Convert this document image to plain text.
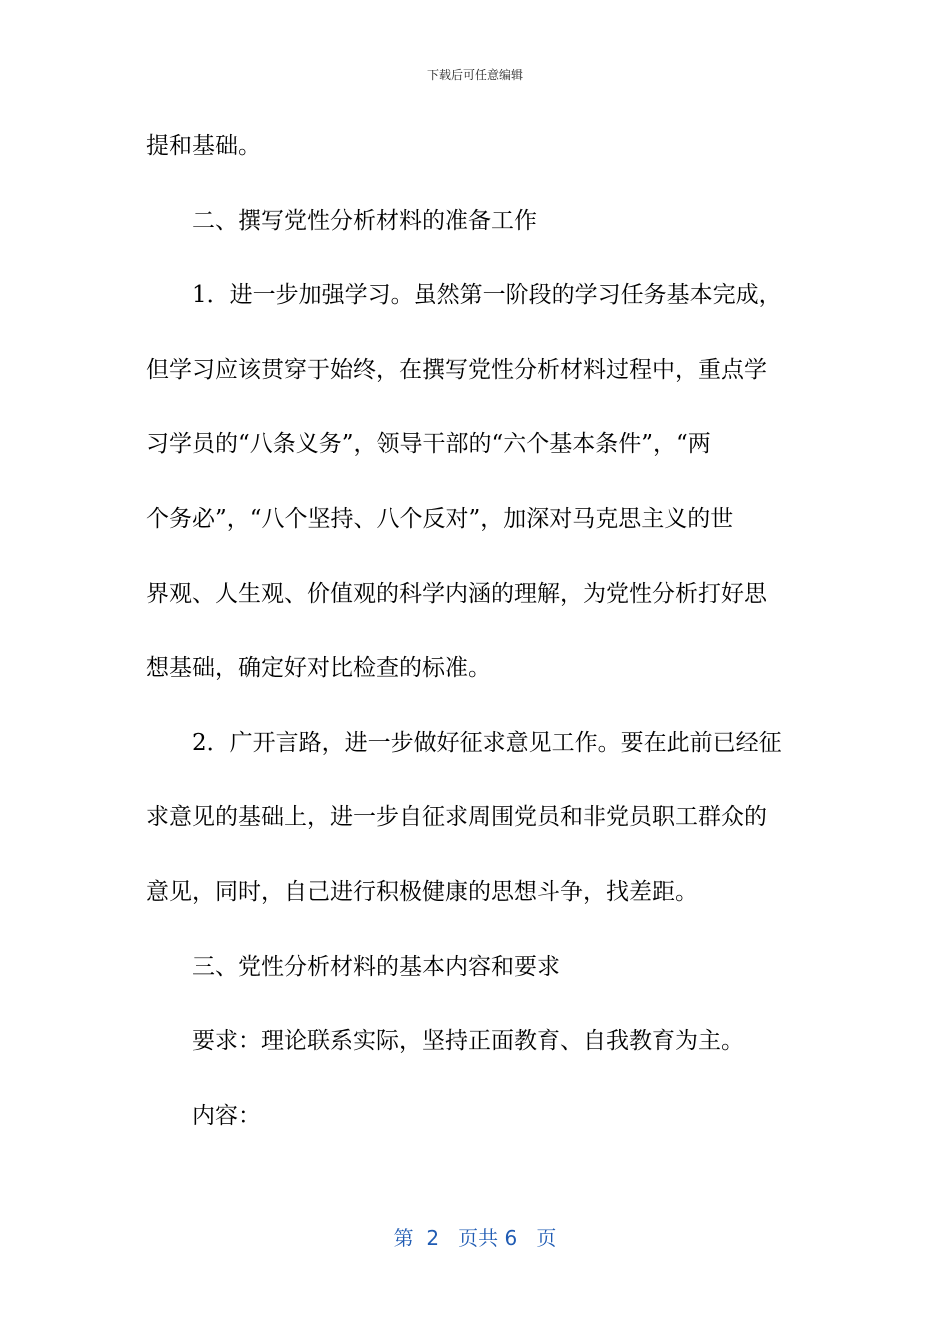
下载后可任意编辑
提和基础。
二、撰写党性分析材料的准备工作
1．进一步加强学习。虽然第一阶段的学习任务基本完成，
但学习应该贯穿于始终，在撰写党性分析材料过程中，重点学
习学员的“八条义务”，领导干部的“六个基本条件”，“两
个务必”，“八个坚持、八个反对”，加深对马克思主义的世
界观、人生观、价值观的科学内涵的理解，为党性分析打好思
想基础，确定好对比检查的标准。
2．广开言路，进一步做好征求意见工作。要在此前已经征
求意见的基础上，进一步自征求周围党员和非党员职工群众的
意见，同时，自己进行积极健康的思想斗争，找差距。
三、党性分析材料的基本内容和要求
要求：理论联系实际，坚持正面教育、自我教育为主。
内容：
第  2   页共 6   页
